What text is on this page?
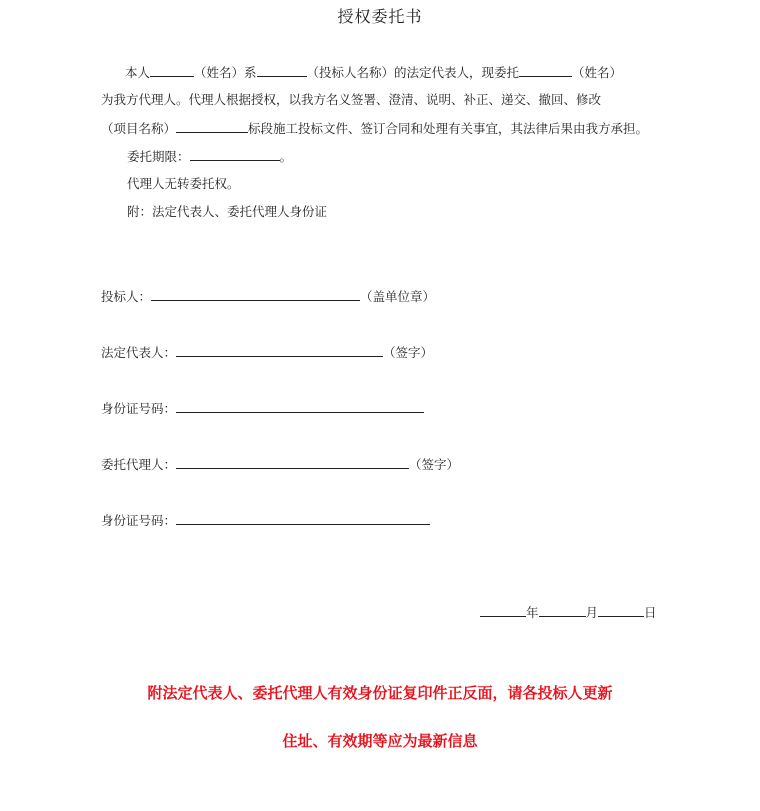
授权委托书
本人	（姓名）系	（投标人名称）的法定代表人，现委托	（姓名）
为我方代理人。代理人根据授权，以我方名义签署、澄清、说明、补正、递交、撤回、修改
（项目名称）	标段施工投标文件、签订合同和处理有关事宜，其法律后果由我方承担。
委托期限：	。
代理人无转委托权。
附：法定代表人、委托代理人身份证
投标人：	（盖单位章）
法定代表人：	（签字）
身份证号码：
委托代理人：	（签字）
身份证号码：
年	月	日
附法定代表人、委托代理人有效身份证复印件正反面，请各投标人更新
住址、有效期等应为最新信息
